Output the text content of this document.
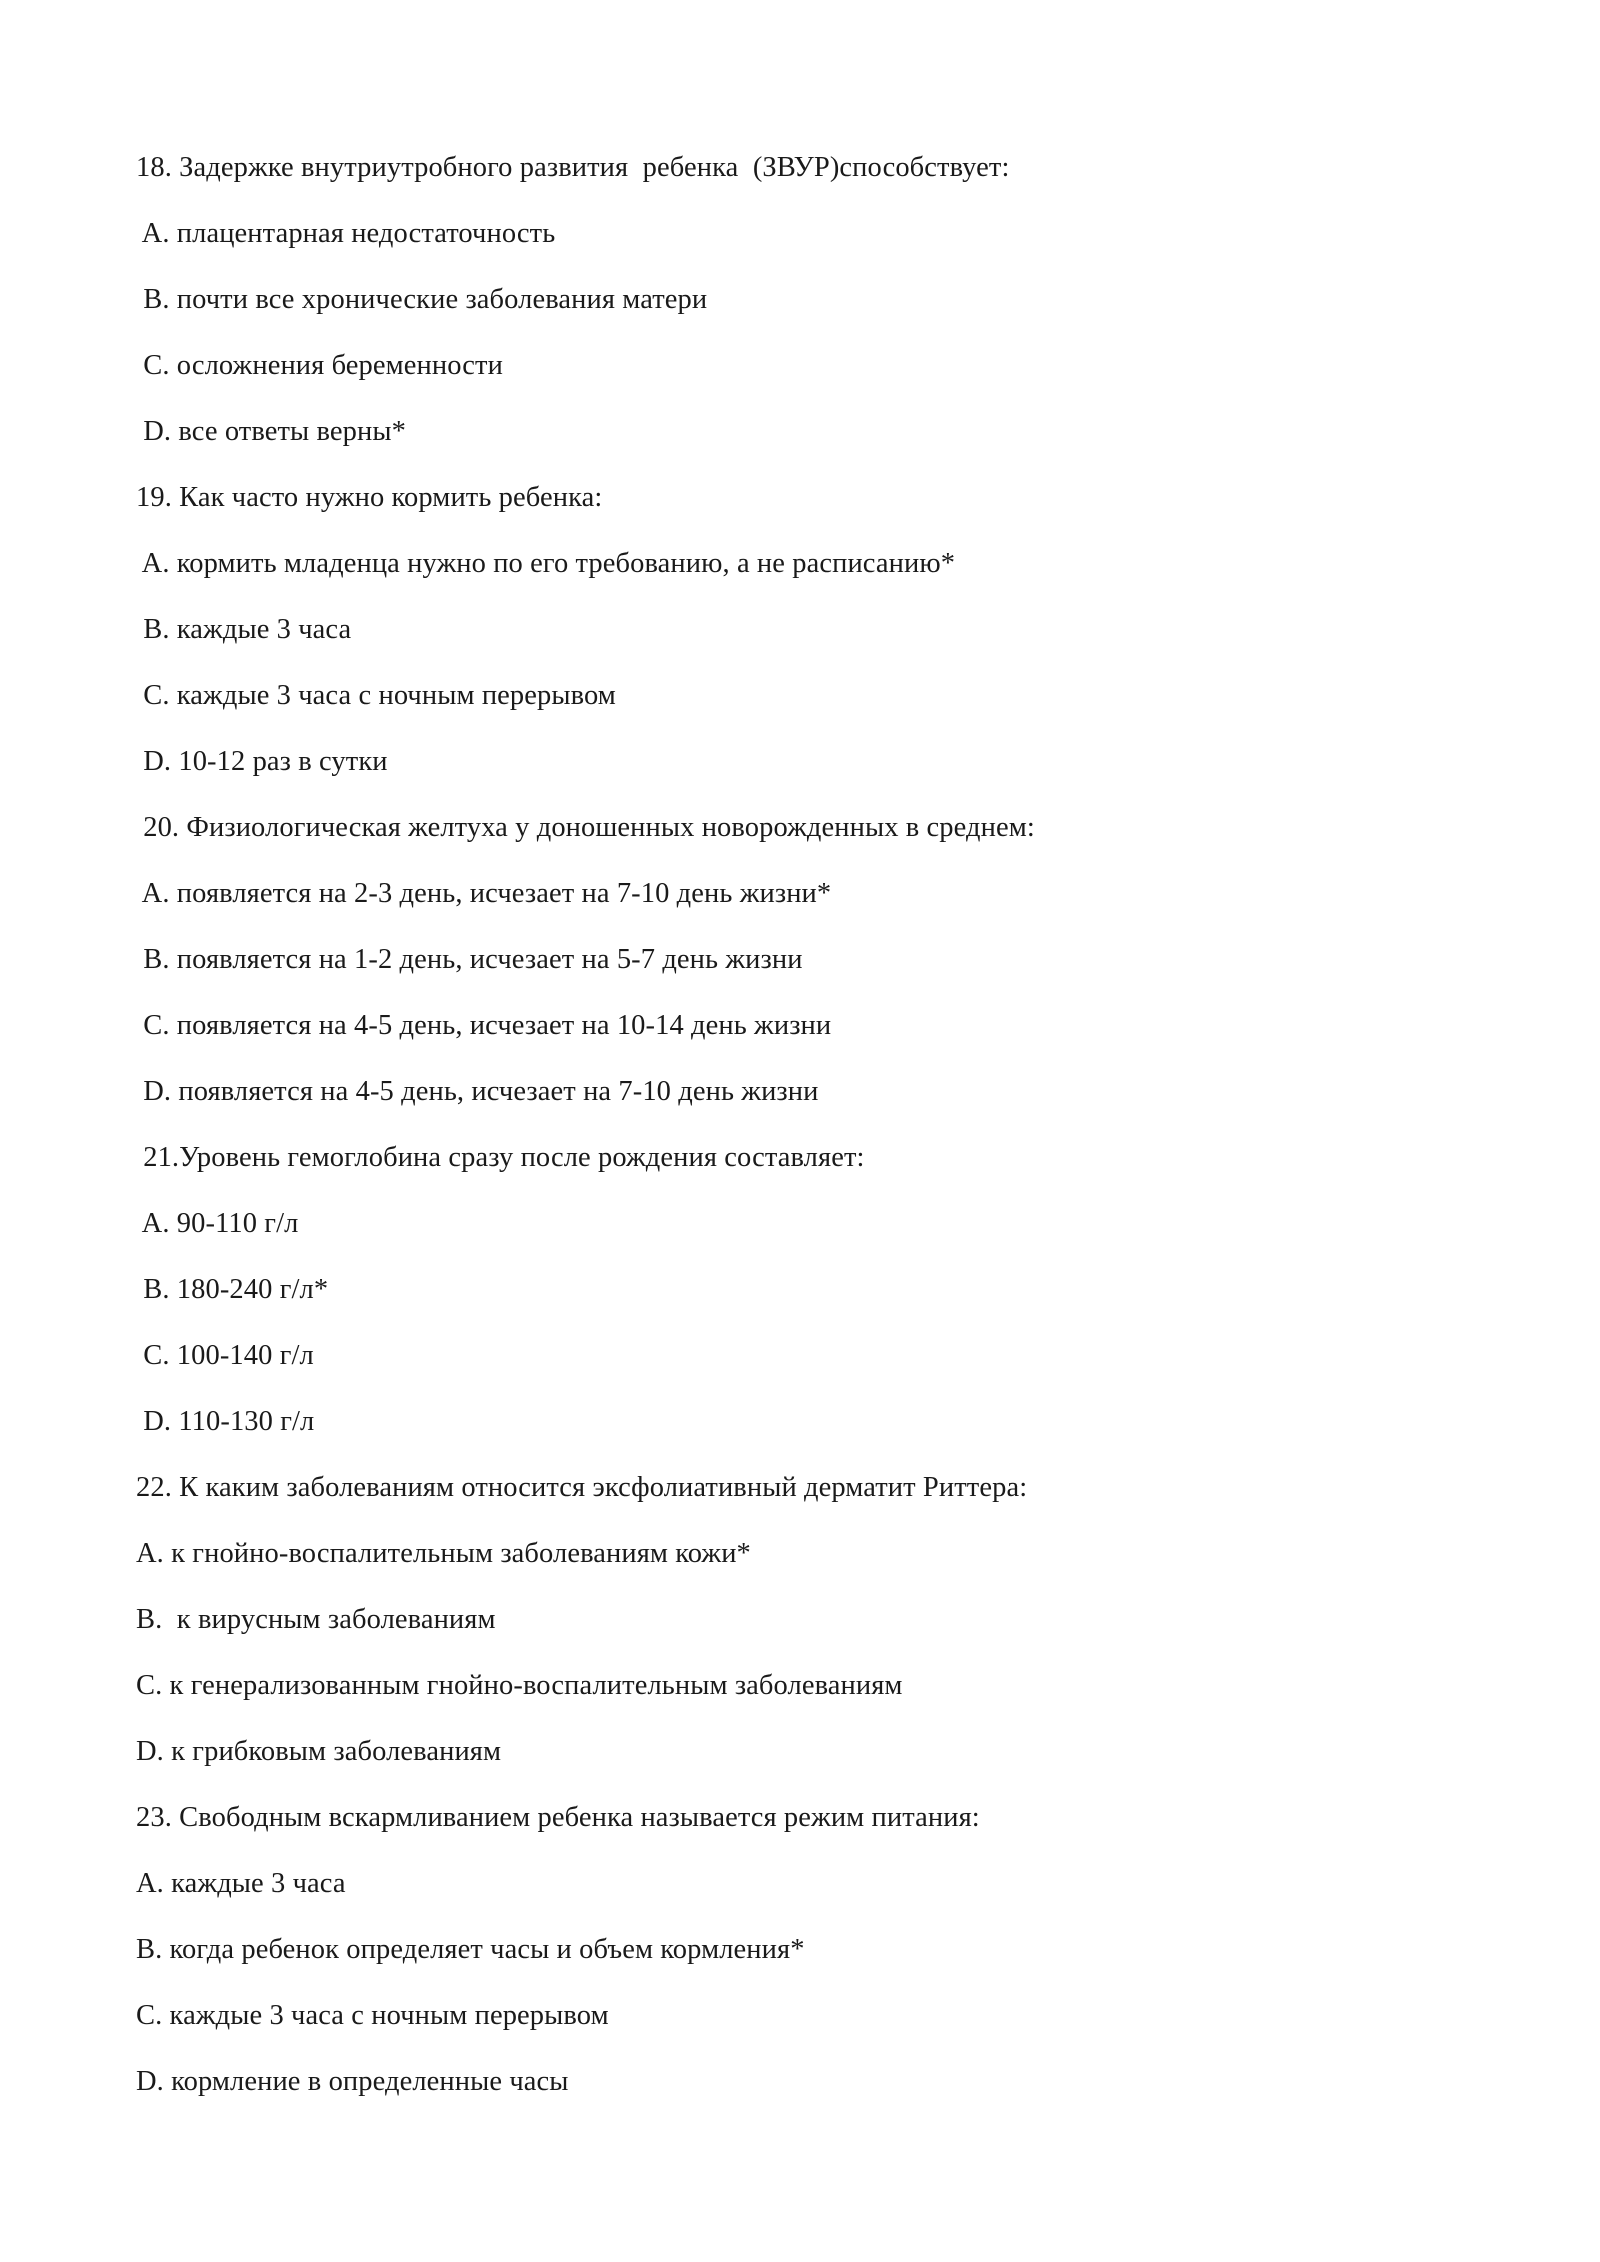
18. Задержке внутриутробного развития  ребенка  (ЗВУР)способствует:
A. плацентарная недостаточность
B. почти все хронические заболевания матери
C. осложнения беременности
D. все ответы верны*
19. Как часто нужно кормить ребенка:
A. кормить младенца нужно по его требованию, а не расписанию*
B. каждые 3 часа
C. каждые 3 часа с ночным перерывом
D. 10-12 раз в сутки
20. Физиологическая желтуха у доношенных новорожденных в среднем:
A. появляется на 2-3 день, исчезает на 7-10 день жизни*
B. появляется на 1-2 день, исчезает на 5-7 день жизни
C. появляется на 4-5 день, исчезает на 10-14 день жизни
D. появляется на 4-5 день, исчезает на 7-10 день жизни
21.Уровень гемоглобина сразу после рождения составляет:
A. 90-110 г/л
B. 180-240 г/л*
C. 100-140 г/л
D. 110-130 г/л
22. К каким заболеваниям относится эксфолиативный дерматит Риттера:
A. к гнойно-воспалительным заболеваниям кожи*
B.  к вирусным заболеваниям
C. к генерализованным гнойно-воспалительным заболеваниям
D. к грибковым заболеваниям
23. Свободным вскармливанием ребенка называется режим питания:
A. каждые 3 часа
B. когда ребенок определяет часы и объем кормления*
C. каждые 3 часа с ночным перерывом
D. кормление в определенные часы
